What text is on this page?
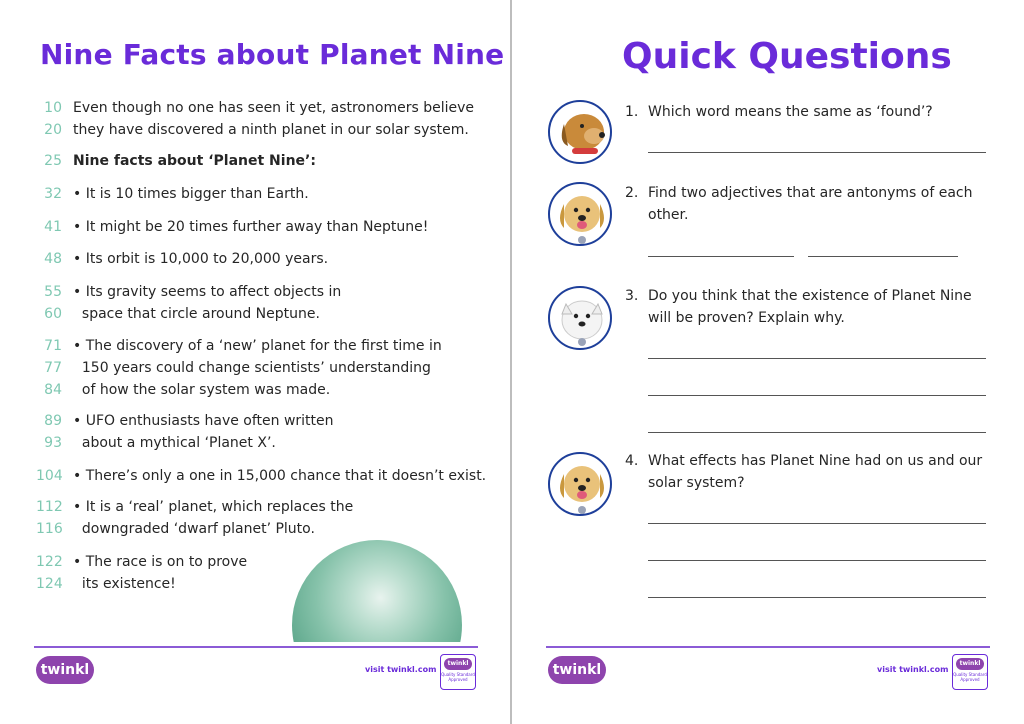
Nine Facts about Planet Nine
10 Even though no one has seen it yet, astronomers believe
20 they have discovered a ninth planet in our solar system.
25 Nine facts about ‘Planet Nine’:
32 • It is 10 times bigger than Earth.
41 • It might be 20 times further away than Neptune!
48 • Its orbit is 10,000 to 20,000 years.
55 • Its gravity seems to affect objects in
60 space that circle around Neptune.
71 • The discovery of a ‘new’ planet for the first time in
77 150 years could change scientists’ understanding
84 of how the solar system was made.
89 • UFO enthusiasts have often written
93 about a mythical ‘Planet X’.
104 • There’s only a one in 15,000 chance that it doesn’t exist.
112 • It is a ‘real’ planet, which replaces the
116 downgraded ‘dwarf planet’ Pluto.
122 • The race is on to prove
124 its existence!
twinkl	visit twinkl.com
twinkl
Quality Standard Approved
Quick Questions
1. Which word means the same as ‘found’?
2. Find two adjectives that are antonyms of each
other.
3. Do you think that the existence of Planet Nine
will be proven? Explain why.
4. What effects has Planet Nine had on us and our
solar system?
twinkl	visit twinkl.com
twinkl
Quality Standard Approved
